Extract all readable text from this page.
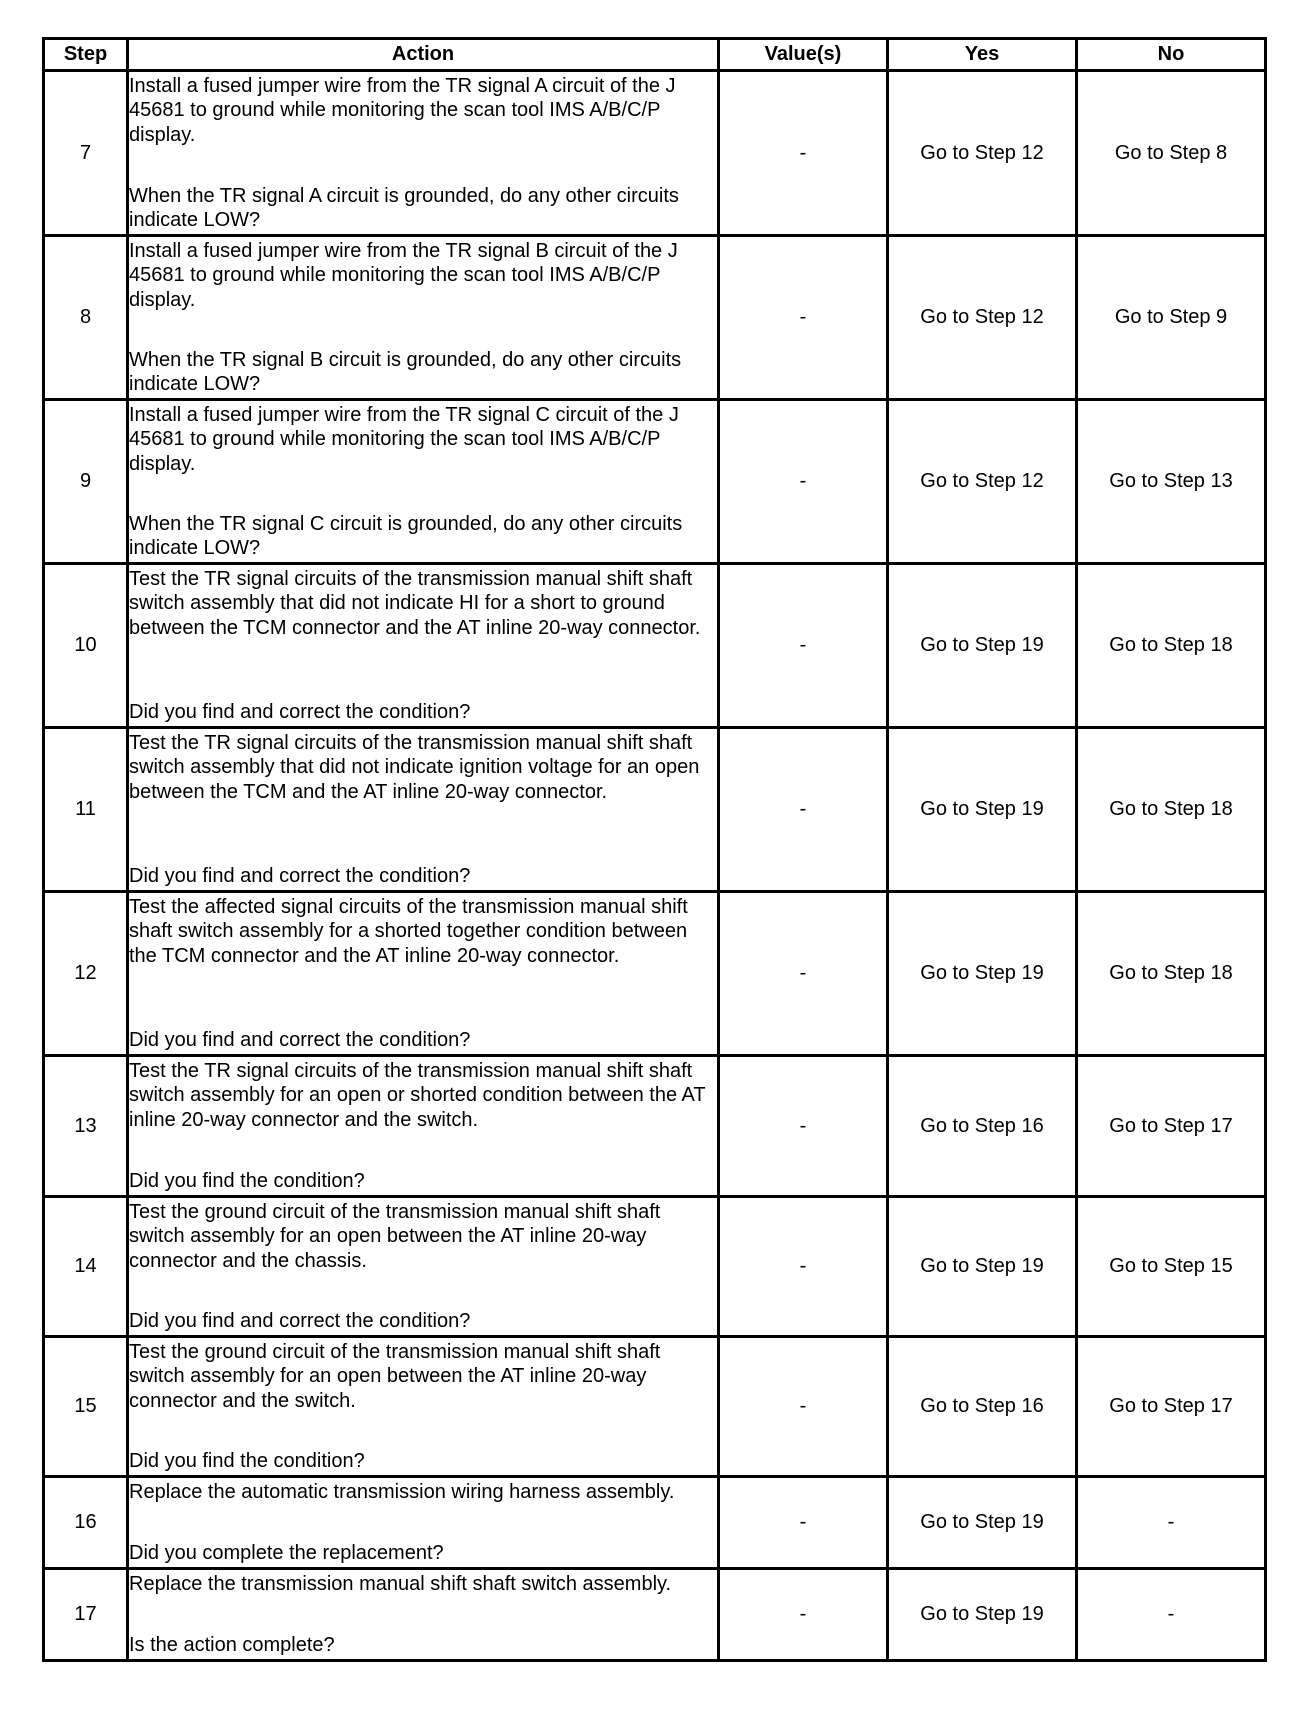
Step	Action	Value(s)	Yes	No
7	Install a fused jumper wire from the TR signal A circuit of the J 45681 to ground while monitoring the scan tool IMS A/B/C/P display.

When the TR signal A circuit is grounded, do any other circuits indicate LOW?	-	Go to Step 12	Go to Step 8
8	Install a fused jumper wire from the TR signal B circuit of the J 45681 to ground while monitoring the scan tool IMS A/B/C/P display.

When the TR signal B circuit is grounded, do any other circuits indicate LOW?	-	Go to Step 12	Go to Step 9
9	Install a fused jumper wire from the TR signal C circuit of the J 45681 to ground while monitoring the scan tool IMS A/B/C/P display.

When the TR signal C circuit is grounded, do any other circuits indicate LOW?	-	Go to Step 12	Go to Step 13
10	Test the TR signal circuits of the transmission manual shift shaft switch assembly that did not indicate HI for a short to ground between the TCM connector and the AT inline 20-way connector.

Did you find and correct the condition?	-	Go to Step 19	Go to Step 18
11	Test the TR signal circuits of the transmission manual shift shaft switch assembly that did not indicate ignition voltage for an open between the TCM and the AT inline 20-way connector.

Did you find and correct the condition?	-	Go to Step 19	Go to Step 18
12	Test the affected signal circuits of the transmission manual shift shaft switch assembly for a shorted together condition between the TCM connector and the AT inline 20-way connector.

Did you find and correct the condition?	-	Go to Step 19	Go to Step 18
13	Test the TR signal circuits of the transmission manual shift shaft switch assembly for an open or shorted condition between the AT inline 20-way connector and the switch.

Did you find the condition?	-	Go to Step 16	Go to Step 17
14	Test the ground circuit of the transmission manual shift shaft switch assembly for an open between the AT inline 20-way connector and the chassis.

Did you find and correct the condition?	-	Go to Step 19	Go to Step 15
15	Test the ground circuit of the transmission manual shift shaft switch assembly for an open between the AT inline 20-way connector and the switch.

Did you find the condition?	-	Go to Step 16	Go to Step 17
16	Replace the automatic transmission wiring harness assembly.

Did you complete the replacement?	-	Go to Step 19	-
17	Replace the transmission manual shift shaft switch assembly.

Is the action complete?	-	Go to Step 19	-
